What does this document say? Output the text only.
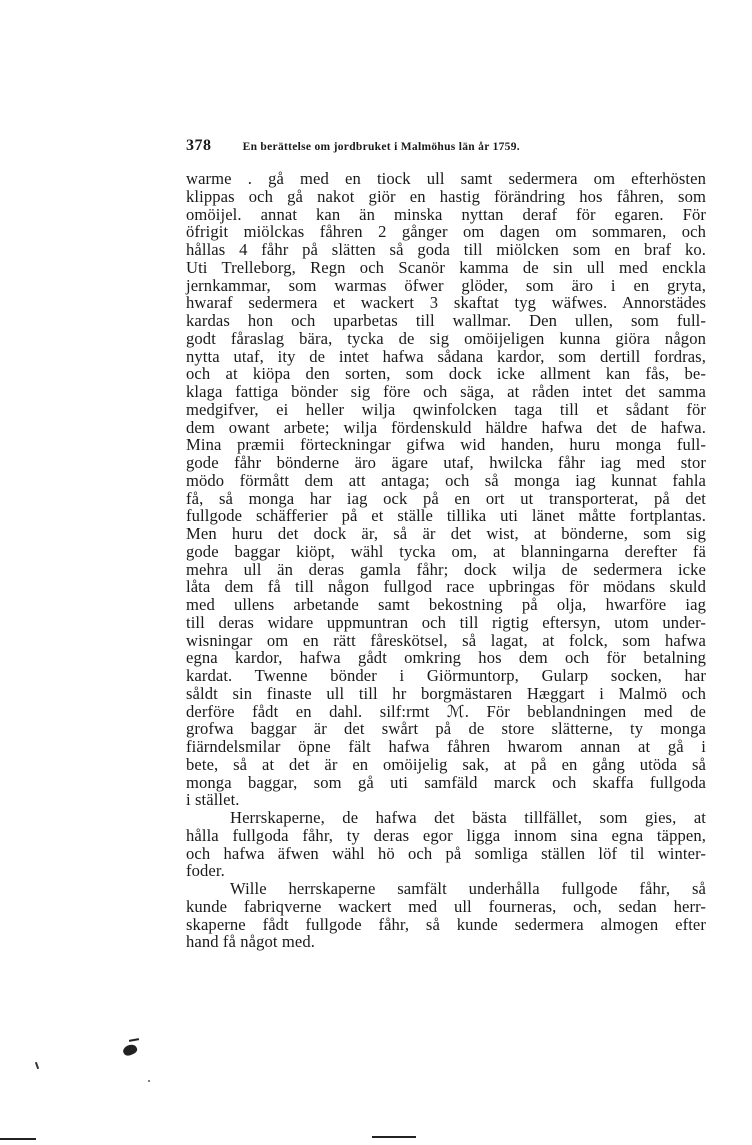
378	En berättelse om jordbruket i Malmöhus län år 1759.
warme . gå med en tiock ull samt sedermera om efterhösten
klippas och gå nakot giör en hastig förändring hos fåhren, som
omöijel. annat kan än minska nyttan deraf för egaren. För
öfrigit miölckas fåhren 2 gånger om dagen om sommaren, och
hållas 4 fåhr på slätten så goda till miölcken som en braf ko.
Uti Trelleborg, Regn och Scanör kamma de sin ull med enckla
jernkammar, som warmas öfwer glöder, som äro i en gryta,
hwaraf sedermera et wackert 3 skaftat tyg wäfwes. Annorstädes
kardas hon och uparbetas till wallmar. Den ullen, som full-
godt fåraslag bära, tycka de sig omöijeligen kunna giöra någon
nytta utaf, ity de intet hafwa sådana kardor, som dertill fordras,
och at kiöpa den sorten, som dock icke allment kan fås, be-
klaga fattiga bönder sig före och säga, at råden intet det samma
medgifver, ei heller wilja qwinfolcken taga till et sådant för
dem owant arbete; wilja fördenskuld häldre hafwa det de hafwa.
Mina præmii förteckningar gifwa wid handen, huru monga full-
gode fåhr bönderne äro ägare utaf, hwilcka fåhr iag med stor
mödo förmått dem att antaga; och så monga iag kunnat fahla
få, så monga har iag ock på en ort ut transporterat, på det
fullgode schäfferier på et ställe tillika uti länet måtte fortplantas.
Men huru det dock är, så är det wist, at bönderne, som sig
gode baggar kiöpt, wähl tycka om, at blanningarna derefter fä
mehra ull än deras gamla fåhr; dock wilja de sedermera icke
låta dem få till någon fullgod race upbringas för mödans skuld
med ullens arbetande samt bekostning på olja, hwarföre iag
till deras widare uppmuntran och till rigtig eftersyn, utom under-
wisningar om en rätt fåreskötsel, så lagat, at folck, som hafwa
egna kardor, hafwa gådt omkring hos dem och för betalning
kardat. Twenne bönder i Giörmuntorp, Gularp socken, har
såldt sin finaste ull till hr borgmästaren Hæggart i Malmö och
derföre fådt en dahl. silf:rmt ℳ. För beblandningen med de
grofwa baggar är det swårt på de store slätterne, ty monga
fiärndelsmilar öpne fält hafwa fåhren hwarom annan at gå i
bete, så at det är en omöijelig sak, at på en gång utöda så
monga baggar, som gå uti samfäld marck och skaffa fullgoda
i stället.
Herrskaperne, de hafwa det bästa tillfället, som gies, at
hålla fullgoda fåhr, ty deras egor ligga innom sina egna täppen,
och hafwa äfwen wähl hö och på somliga ställen löf til winter-
foder.
Wille herrskaperne samfält underhålla fullgode fåhr, så
kunde fabriqverne wackert med ull fourneras, och, sedan herr-
skaperne fådt fullgode fåhr, så kunde sedermera almogen efter
hand få något med.
